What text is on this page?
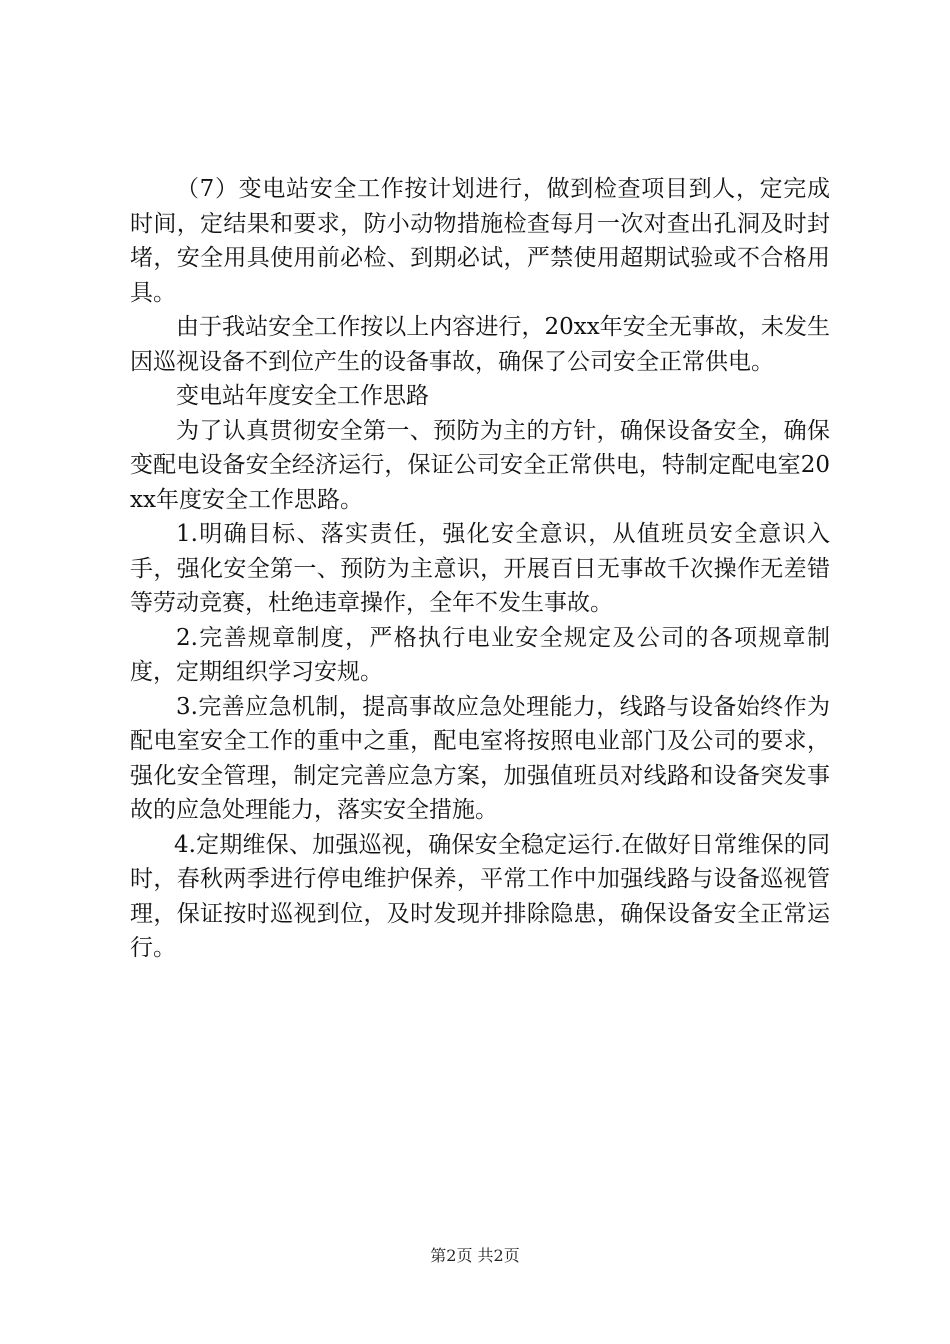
（7）变电站安全工作按计划进行，做到检查项目到人，定完成时间，定结果和要求，防小动物措施检查每月一次对查出孔洞及时封堵，安全用具使用前必检、到期必试，严禁使用超期试验或不合格用具。

由于我站安全工作按以上内容进行，20xx年安全无事故，未发生因巡视设备不到位产生的设备事故，确保了公司安全正常供电。

变电站年度安全工作思路

为了认真贯彻安全第一、预防为主的方针，确保设备安全，确保变配电设备安全经济运行，保证公司安全正常供电，特制定配电室20xx年度安全工作思路。

1.明确目标、落实责任，强化安全意识，从值班员安全意识入手，强化安全第一、预防为主意识，开展百日无事故千次操作无差错等劳动竞赛，杜绝违章操作，全年不发生事故。

2.完善规章制度，严格执行电业安全规定及公司的各项规章制度，定期组织学习安规。

3.完善应急机制，提高事故应急处理能力，线路与设备始终作为配电室安全工作的重中之重，配电室将按照电业部门及公司的要求，强化安全管理，制定完善应急方案，加强值班员对线路和设备突发事故的应急处理能力，落实安全措施。

4.定期维保、加强巡视，确保安全稳定运行.在做好日常维保的同时，春秋两季进行停电维护保养，平常工作中加强线路与设备巡视管理，保证按时巡视到位，及时发现并排除隐患，确保设备安全正常运行。

第2页 共2页
